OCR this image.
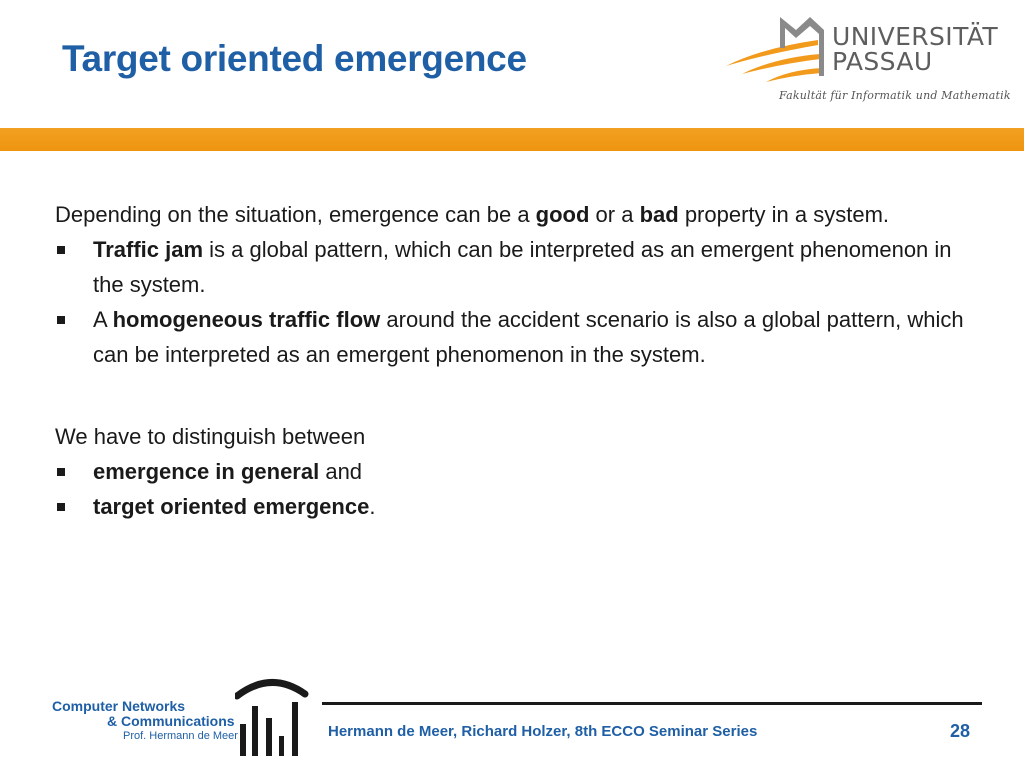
Target oriented emergence
UNIVERSITÄT
PASSAU
Fakultät für Informatik und Mathematik
Depending on the situation, emergence can be a good or a bad property in a system.
Traffic jam is a global pattern, which can be interpreted as an emergent phenomenon in the system.
A homogeneous traffic flow around the accident scenario is also a global pattern, which can be interpreted as an emergent phenomenon in the system.
We have to distinguish between
emergence in general and
target oriented emergence.
Computer Networks
& Communications
Prof. Hermann de Meer	Hermann de Meer, Richard Holzer, 8th ECCO Seminar Series	28
